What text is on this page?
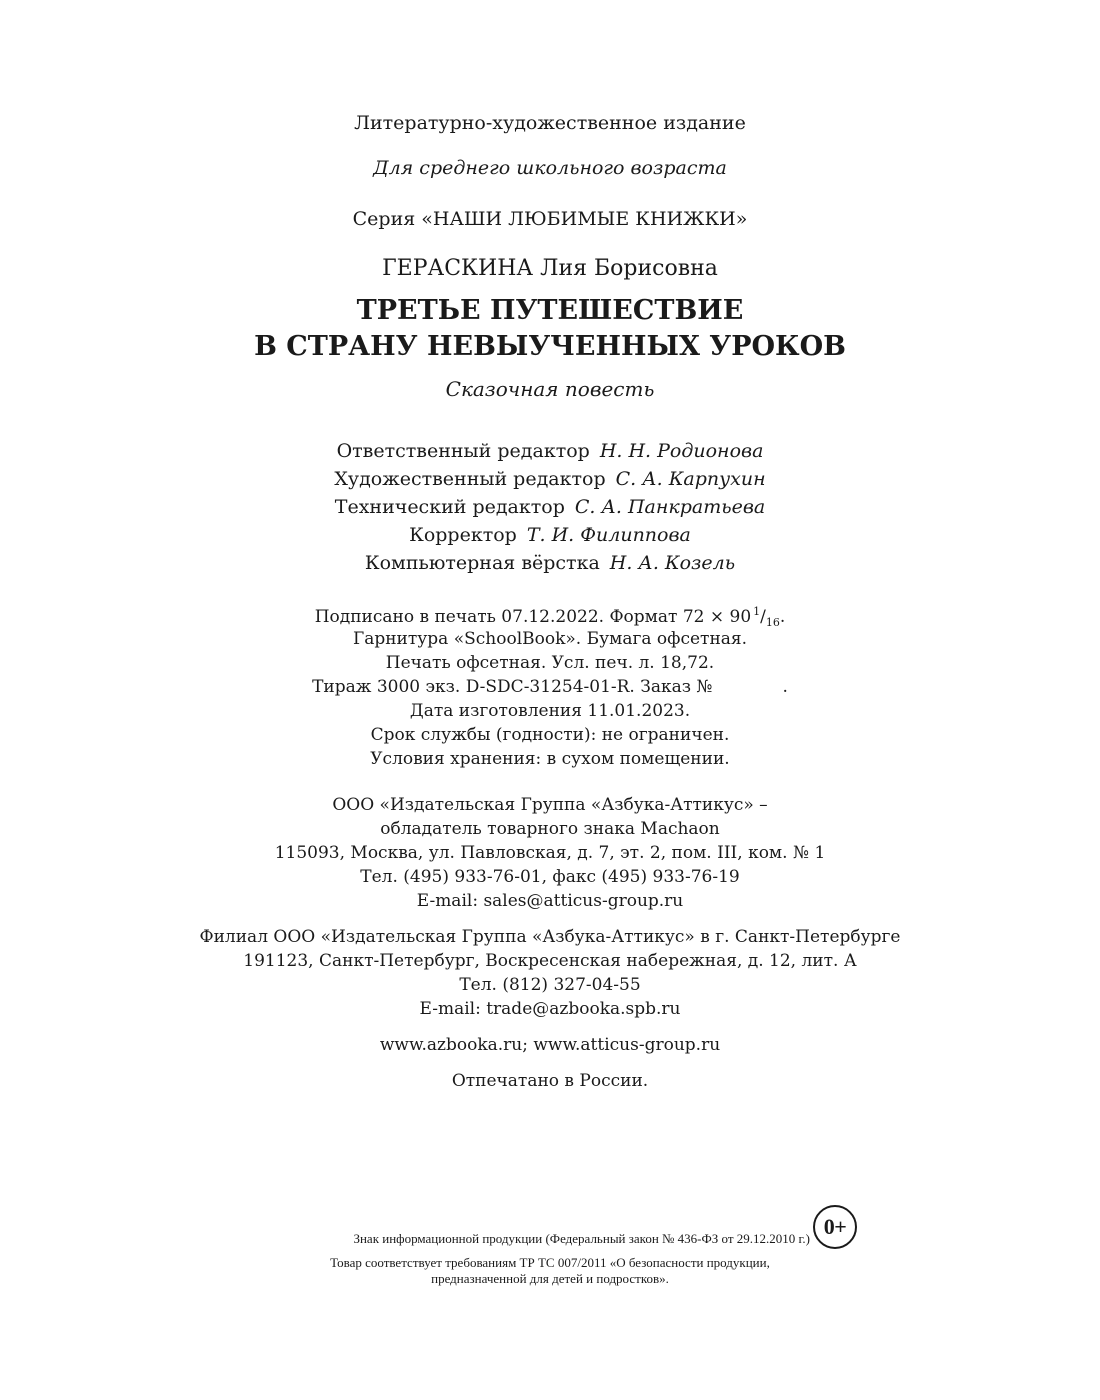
Литературно-художественное издание
Для среднего школьного возраста
Серия «НАШИ ЛЮБИМЫЕ КНИЖКИ»
ГЕРАСКИНА Лия Борисовна
ТРЕТЬЕ ПУТЕШЕСТВИЕ
В СТРАНУ НЕВЫУЧЕННЫХ УРОКОВ
Сказочная повесть
Ответственный редактор Н. Н. Родионова
Художественный редактор С. А. Карпухин
Технический редактор С. А. Панкратьева
Корректор Т. И. Филиппова
Компьютерная вёрстка Н. А. Козель
Подписано в печать 07.12.2022. Формат 72 × 90 $^1/_{16}$.
Гарнитура «SchoolBook». Бумага офсетная.
Печать офсетная. Усл. печ. л. 18,72.
Тираж 3000 экз. D-SDC-31254-01-R. Заказ №	.
Дата изготовления 11.01.2023.
Срок службы (годности): не ограничен.
Условия хранения: в сухом помещении.
ООО «Издательская Группа «Азбука-Аттикус» –
обладатель товарного знака Machaon
115093, Москва, ул. Павловская, д. 7, эт. 2, пом. III, ком. № 1
Тел. (495) 933-76-01, факс (495) 933-76-19
E-mail: sales@atticus-group.ru
Филиал ООО «Издательская Группа «Азбука-Аттикус» в г. Санкт-Петербурге
191123, Санкт-Петербург, Воскресенская набережная, д. 12, лит. А
Тел. (812) 327-04-55
E-mail: trade@azbooka.spb.ru
www.azbooka.ru; www.atticus-group.ru
Отпечатано в России.
Знак информационной продукции (Федеральный закон № 436-ФЗ от 29.12.2010 г.) 0+
Товар соответствует требованиям ТР ТС 007/2011 «О безопасности продукции,
предназначенной для детей и подростков».
